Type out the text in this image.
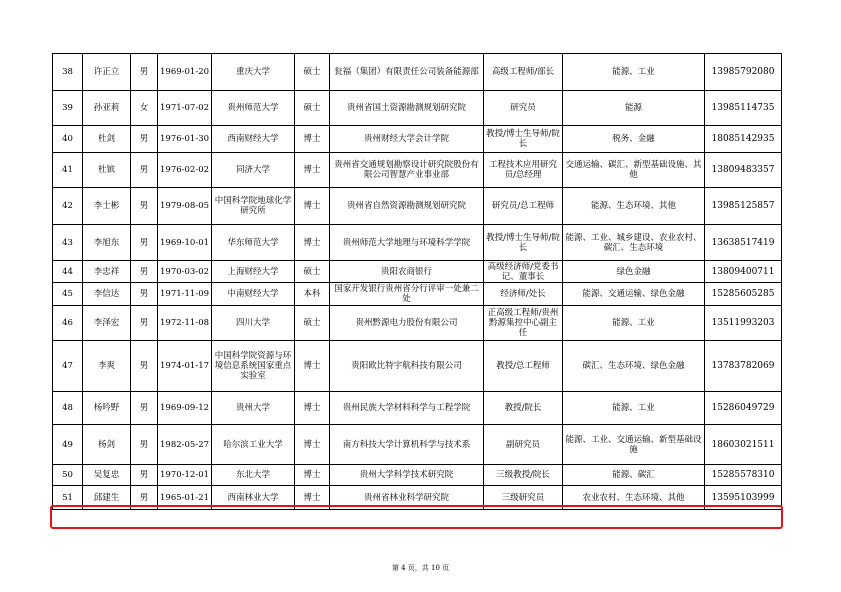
38	许正立	男	1969-01-20	重庆大学	硕士	瓮福（集团）有限责任公司装备能源部	高级工程师/部长	能源、工业	13985792080
39	孙亚莉	女	1971-07-02	贵州师范大学	硕士	贵州省国土资源勘测规划研究院	研究员	能源	13985114735
40	杜剑	男	1976-01-30	西南财经大学	博士	贵州财经大学会计学院	教授/博士生导师/院长	税务、金融	18085142935
41	杜镔	男	1976-02-02	同济大学	博士	贵州省交通规划勘察设计研究院股份有限公司智慧产业事业部	工程技术应用研究员/总经理	交通运输、碳汇、新型基础设施、其他	13809483357
42	李士彬	男	1979-08-05	中国科学院地球化学研究所	博士	贵州省自然资源勘测规划研究院	研究员/总工程师	能源、生态环境、其他	13985125857
43	李旭东	男	1969-10-01	华东师范大学	博士	贵州师范大学地理与环境科学学院	教授/博士生导师/院长	能源、工业、城乡建设、农业农村、碳汇、生态环境	13638517419
44	李忠祥	男	1970-03-02	上海财经大学	硕士	贵阳农商银行	高级经济师/党委书记、董事长	绿色金融	13809400711
45	李信达	男	1971-11-09	中南财经大学	本科	国家开发银行贵州省分行评审一处兼二处	经济师/处长	能源、交通运输、绿色金融	15285605285
46	李泽宏	男	1972-11-08	四川大学	硕士	贵州黔源电力股份有限公司	正高级工程师/贵州黔源集控中心副主任	能源、工业	13511993203
47	李爽	男	1974-01-17	中国科学院资源与环境信息系统国家重点实验室	博士	贵阳欧比特宇航科技有限公司	教授/总工程师	碳汇、生态环境、绿色金融	13783782069
48	杨吟野	男	1969-09-12	贵州大学	博士	贵州民族大学材料科学与工程学院	教授/院长	能源、工业	15286049729
49	杨剑	男	1982-05-27	哈尔滨工业大学	博士	南方科技大学计算机科学与技术系	副研究员	能源、工业、交通运输、新型基础设施	18603021511
50	吴复忠	男	1970-12-01	东北大学	博士	贵州大学科学技术研究院	三级教授/院长	能源、碳汇	15285578310
51	邱建生	男	1965-01-21	西南林业大学	博士	贵州省林业科学研究院	三级研究员	农业农村、生态环境、其他	13595103999
第 4 页，共 10 页
